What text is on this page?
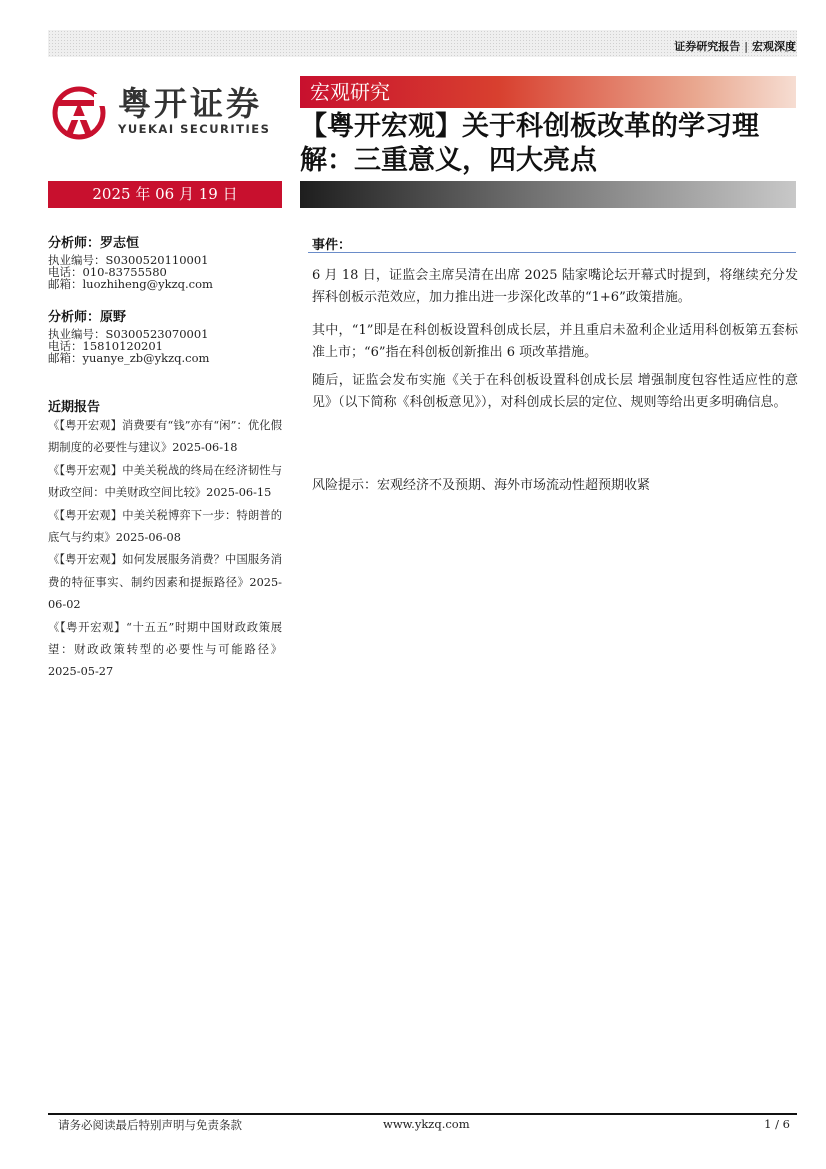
证券研究报告 | 宏观深度
粤开证券
YUEKAI SECURITIES
宏观研究
【粤开宏观】关于科创板改革的学习理解：三重意义，四大亮点
2025 年 06 月 19 日
分析师：罗志恒
执业编号：S0300520110001
电话：010-83755580
邮箱：luozhiheng@ykzq.com
分析师：原野
执业编号：S0300523070001
电话：15810120201
邮箱：yuanye_zb@ykzq.com
近期报告
《【粤开宏观】消费要有“钱”亦有“闲”：优化假期制度的必要性与建议》2025-06-18
《【粤开宏观】中美关税战的终局在经济韧性与财政空间：中美财政空间比较》2025-06-15
《【粤开宏观】中美关税博弈下一步：特朗普的底气与约束》2025-06-08
《【粤开宏观】如何发展服务消费？中国服务消费的特征事实、制约因素和提振路径》2025-06-02
《【粤开宏观】“十五五”时期中国财政政策展望：财政政策转型的必要性与可能路径》2025-05-27
事件：
6 月 18 日，证监会主席吴清在出席 2025 陆家嘴论坛开幕式时提到，将继续充分发挥科创板示范效应，加力推出进一步深化改革的“1+6”政策措施。
其中，“1”即是在科创板设置科创成长层，并且重启未盈利企业适用科创板第五套标准上市；“6”指在科创板创新推出 6 项改革措施。
随后，证监会发布实施《关于在科创板设置科创成长层 增强制度包容性适应性的意见》（以下简称《科创板意见》），对科创成长层的定位、规则等给出更多明确信息。
风险提示：宏观经济不及预期、海外市场流动性超预期收紧
请务必阅读最后特别声明与免责条款	www.ykzq.com	1 / 6
